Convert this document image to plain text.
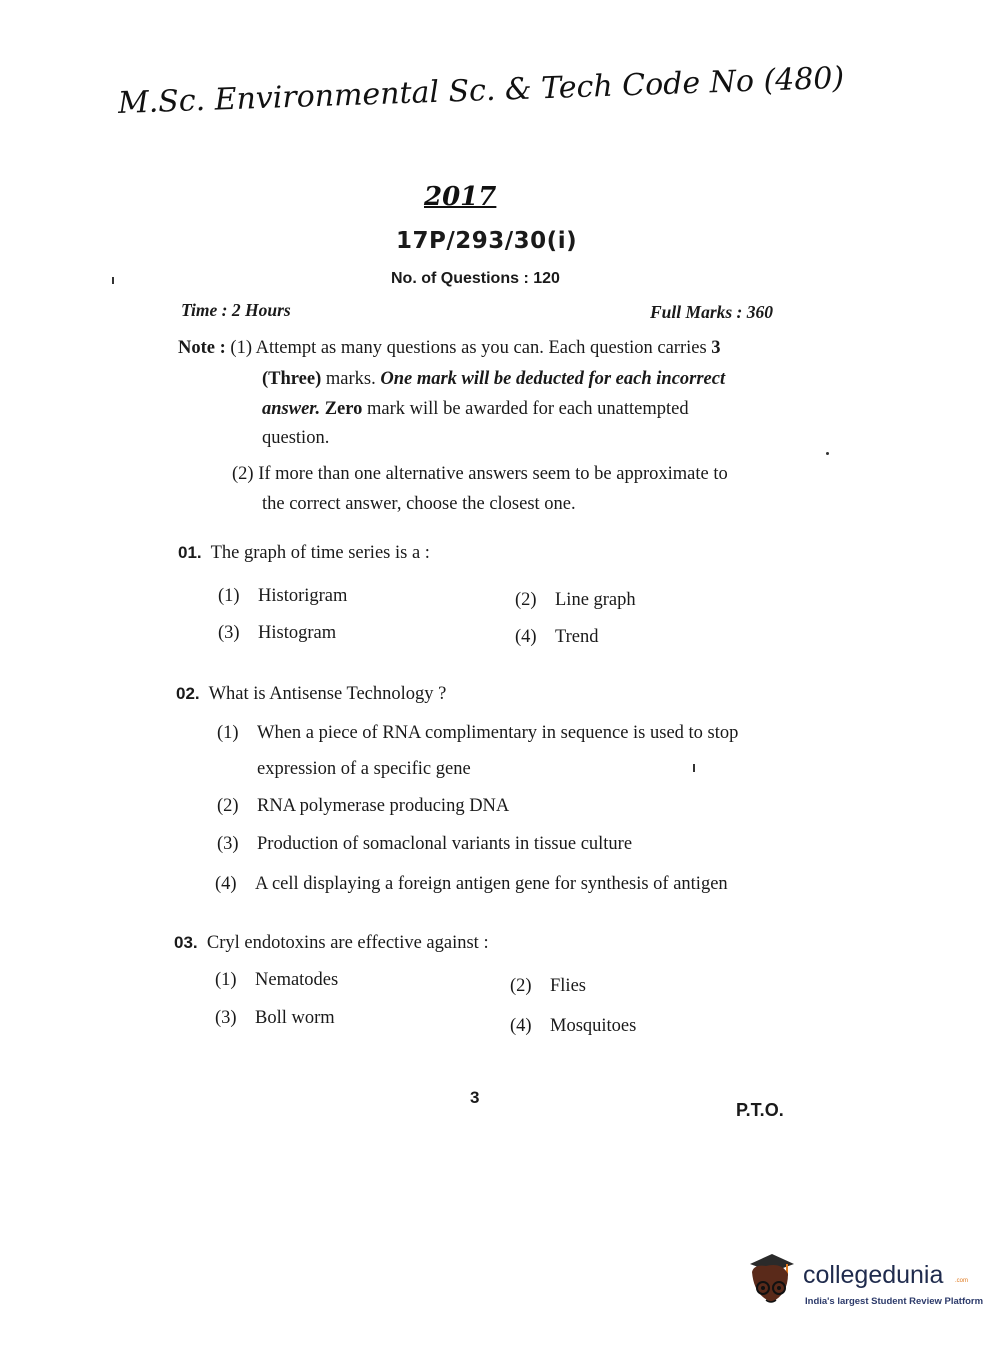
M.Sc. Environmental Sc. & Tech Code No (480)
2017
17P/293/30(i)
No. of Questions : 120
Time : 2 Hours	Full Marks : 360
Note : (1) Attempt as many questions as you can. Each question carries 3
(Three) marks. One mark will be deducted for each incorrect
answer. Zero mark will be awarded for each unattempted
question.
(2) If more than one alternative answers seem to be approximate to
the correct answer, choose the closest one.
01. The graph of time series is a :
(1) Historigram	(2) Line graph
(3) Histogram	(4) Trend
02. What is Antisense Technology ?
(1) When a piece of RNA complimentary in sequence is used to stop
expression of a specific gene
(2) RNA polymerase producing DNA
(3) Production of somaclonal variants in tissue culture
(4) A cell displaying a foreign antigen gene for synthesis of antigen
03. Cryl endotoxins are effective against :
(1) Nematodes	(2) Flies
(3) Boll worm	(4) Mosquitoes
3
P.T.O.
collegedunia .com
India's largest Student Review Platform
